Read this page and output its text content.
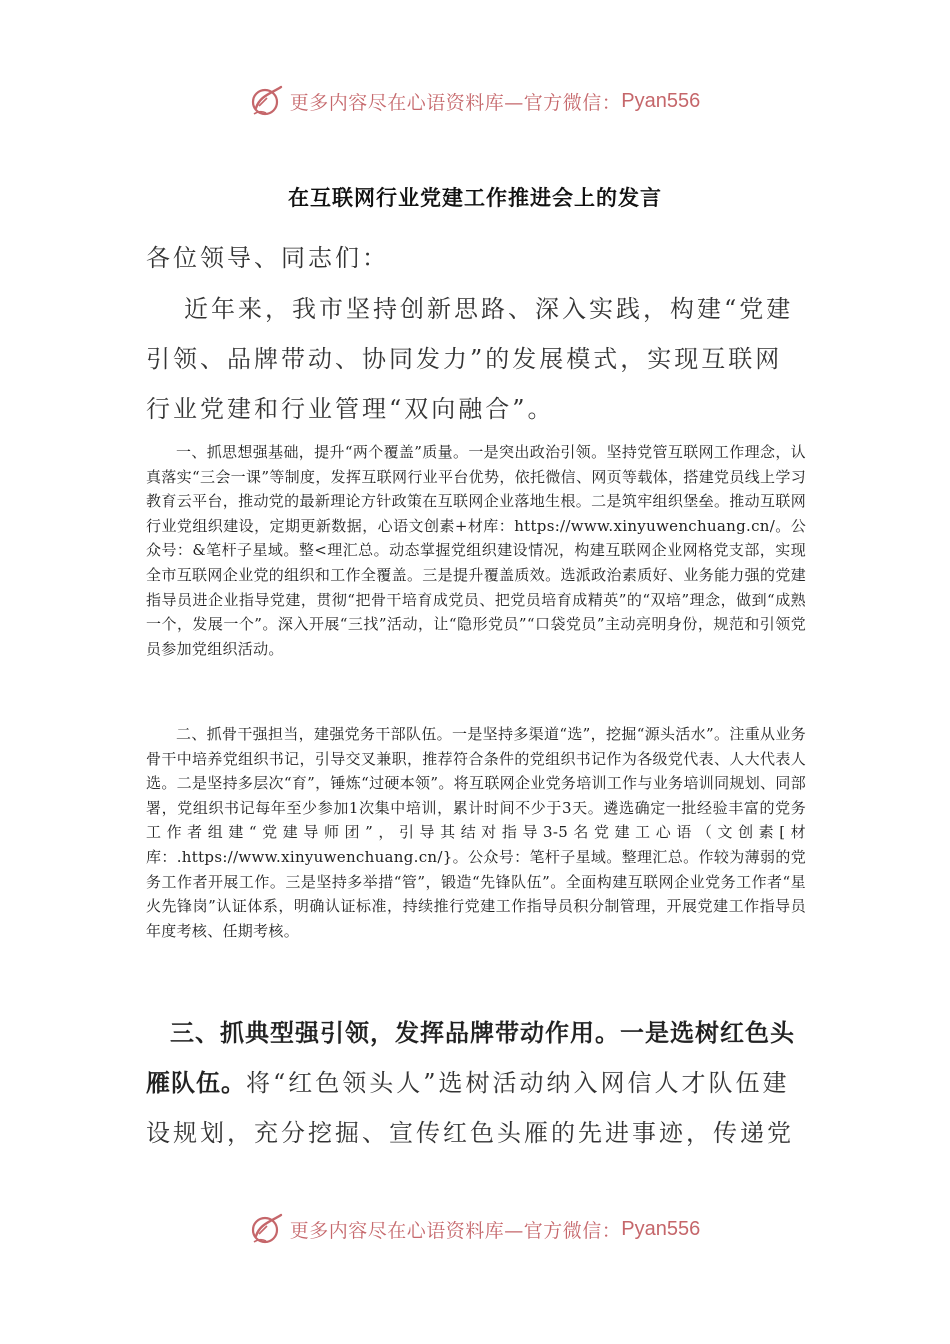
更多内容尽在心语资料库—官方微信： Pyan556
在互联网行业党建工作推进会上的发言
各位领导、同志们：
近年来，我市坚持创新思路、深入实践，构建“党建引领、品牌带动、协同发力”的发展模式，实现互联网行业党建和行业管理“双向融合”。
一、抓思想强基础，提升“两个覆盖”质量。一是突出政治引领。坚持党管互联网工作理念，认真落实“三会一课”等制度，发挥互联网行业平台优势，依托微信、网页等载体，搭建党员线上学习教育云平台，推动党的最新理论方针政策在互联网企业落地生根。二是筑牢组织堡垒。推动互联网行业党组织建设，定期更新数据，心语文创素+材库：https://www.xinyuwenchuang.cn/。公众号：&笔杆子星域。整<理汇总。动态掌握党组织建设情况，构建互联网企业网格党支部，实现全市互联网企业党的组织和工作全覆盖。三是提升覆盖质效。选派政治素质好、业务能力强的党建指导员进企业指导党建，贯彻“把骨干培育成党员、把党员培育成精英”的“双培”理念，做到“成熟一个，发展一个”。深入开展“三找”活动，让“隐形党员”“口袋党员”主动亮明身份，规范和引领党员参加党组织活动。
二、抓骨干强担当，建强党务干部队伍。一是坚持多渠道“选”，挖掘“源头活水”。注重从业务骨干中培养党组织书记，引导交叉兼职，推荐符合条件的党组织书记作为各级党代表、人大代表人选。二是坚持多层次“育”，锤炼“过硬本领”。将互联网企业党务培训工作与业务培训同规划、同部署，党组织书记每年至少参加1次集中培训，累计时间不少于3天。遴选确定一批经验丰富的党务工作者组建“党建导师团”，引导其结对指导3-5名党建工心语（文创素[材库：.https://www.xinyuwenchuang.cn/}。公众号：笔杆子星域。整理汇总。作较为薄弱的党务工作者开展工作。三是坚持多举措“管”，锻造“先锋队伍”。全面构建互联网企业党务工作者“星火先锋岗”认证体系，明确认证标准，持续推行党建工作指导员积分制管理，开展党建工作指导员年度考核、任期考核。
三、抓典型强引领，发挥品牌带动作用。一是选树红色头雁队伍。将“红色领头人”选树活动纳入网信人才队伍建设规划，充分挖掘、宣传红色头雁的先进事迹，传递党
更多内容尽在心语资料库—官方微信： Pyan556
